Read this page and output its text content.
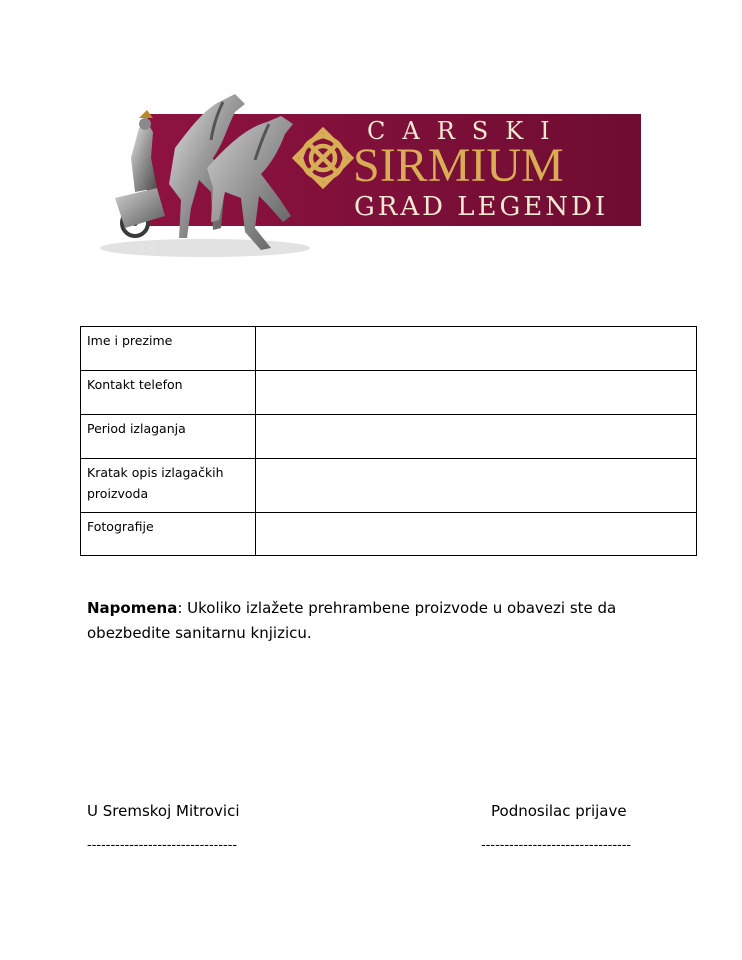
CARSKI
SIRMIUM
GRAD LEGENDI
Ime i prezime	
Kontakt telefon	
Period izlaganja	
Kratak opis izlagačkih proizvoda	
Fotografije	
Napomena: Ukoliko izlažete prehrambene proizvode u obavezi ste da obezbedite sanitarnu knjizicu.
U Sremskoj Mitrovici	Podnosilac prijave
--------------------------------	--------------------------------
